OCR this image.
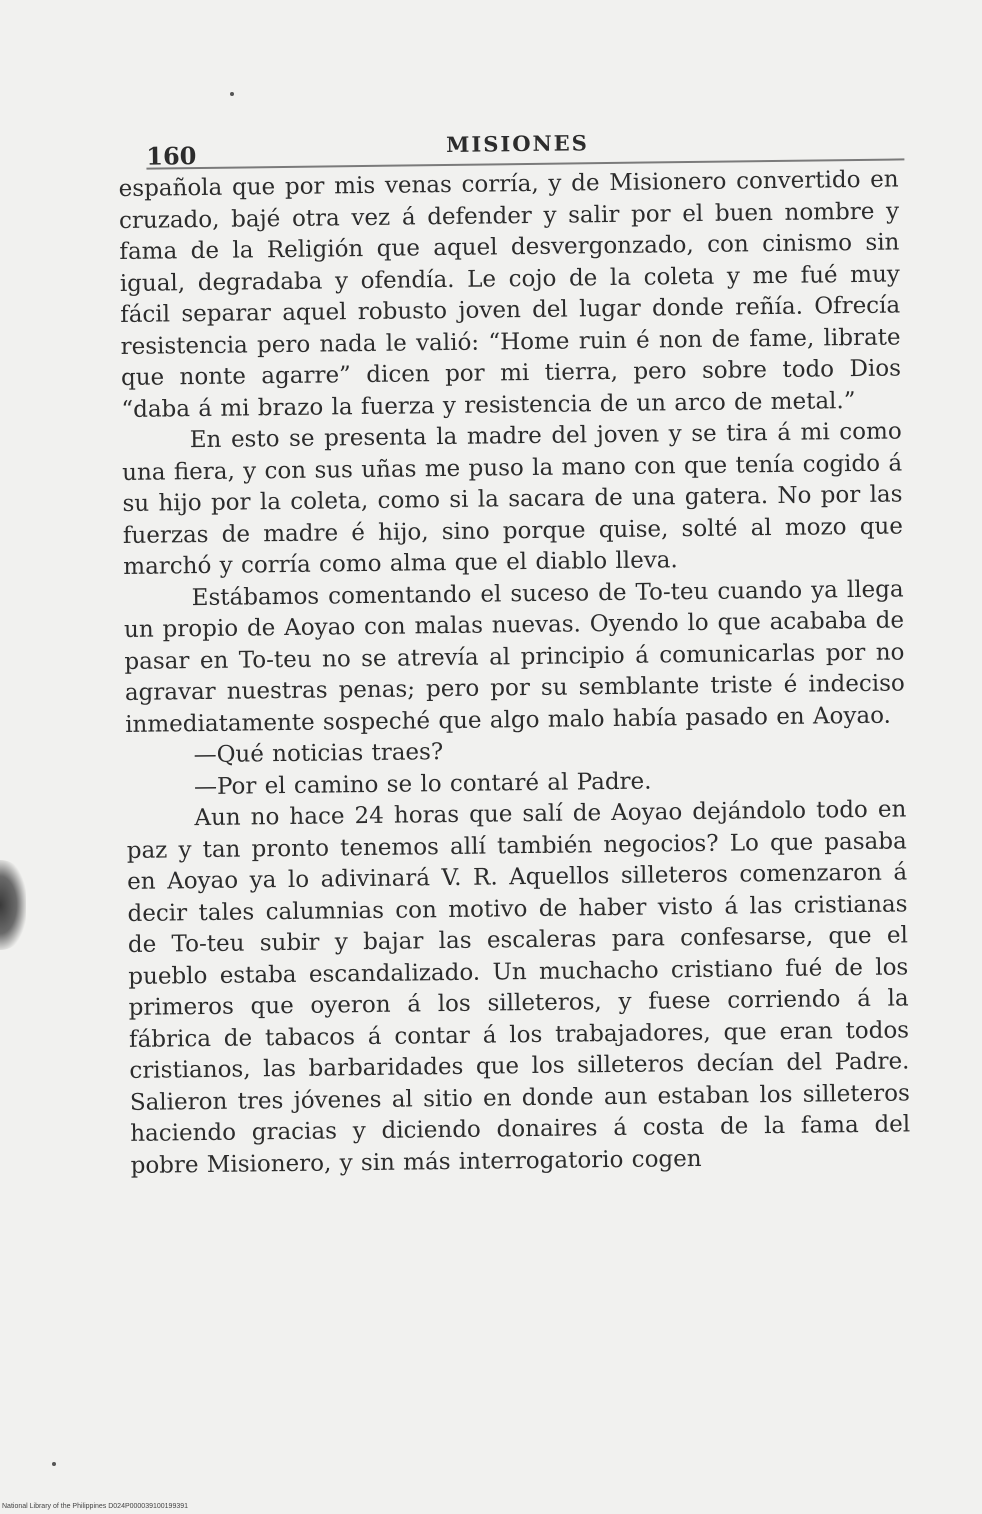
160	MISIONES

española que por mis venas corría, y de Misionero convertido en cruzado, bajé otra vez á defender y salir por el buen nombre y fama de la Religión que aquel desvergonzado, con cinismo sin igual, degradaba y ofendía. Le cojo de la coleta y me fué muy fácil separar aquel robusto joven del lugar donde reñía. Ofrecía resistencia pero nada le valió: “Home ruin é non de fame, librate que nonte agarre” dicen por mi tierra, pero sobre todo Dios “daba á mi brazo la fuerza y resistencia de un arco de metal.”

En esto se presenta la madre del joven y se tira á mi como una fiera, y con sus uñas me puso la mano con que tenía cogido á su hijo por la coleta, como si la sacara de una gatera. No por las fuerzas de madre é hijo, sino porque quise, solté al mozo que marchó y corría como alma que el diablo lleva.

Estábamos comentando el suceso de To-teu cuando ya llega un propio de Aoyao con malas nuevas. Oyendo lo que acababa de pasar en To-teu no se atrevía al principio á comunicarlas por no agravar nuestras penas; pero por su semblante triste é indeciso inmediatamente sospeché que algo malo había pasado en Aoyao.

—Qué noticias traes?

—Por el camino se lo contaré al Padre.

Aun no hace 24 horas que salí de Aoyao dejándolo todo en paz y tan pronto tenemos allí también negocios? Lo que pasaba en Aoyao ya lo adivinará V. R. Aquellos silleteros comenzaron á decir tales calumnias con motivo de haber visto á las cristianas de To-teu subir y bajar las escaleras para confesarse, que el pueblo estaba escandalizado. Un muchacho cristiano fué de los primeros que oyeron á los silleteros, y fuese corriendo á la fábrica de tabacos á contar á los trabajadores, que eran todos cristianos, las barbaridades que los silleteros decían del Padre. Salieron tres jóvenes al sitio en donde aun estaban los silleteros haciendo gracias y diciendo donaires á costa de la fama del pobre Misionero, y sin más interrogatorio cogen

National Library of the Philippines D024P000039100199391
